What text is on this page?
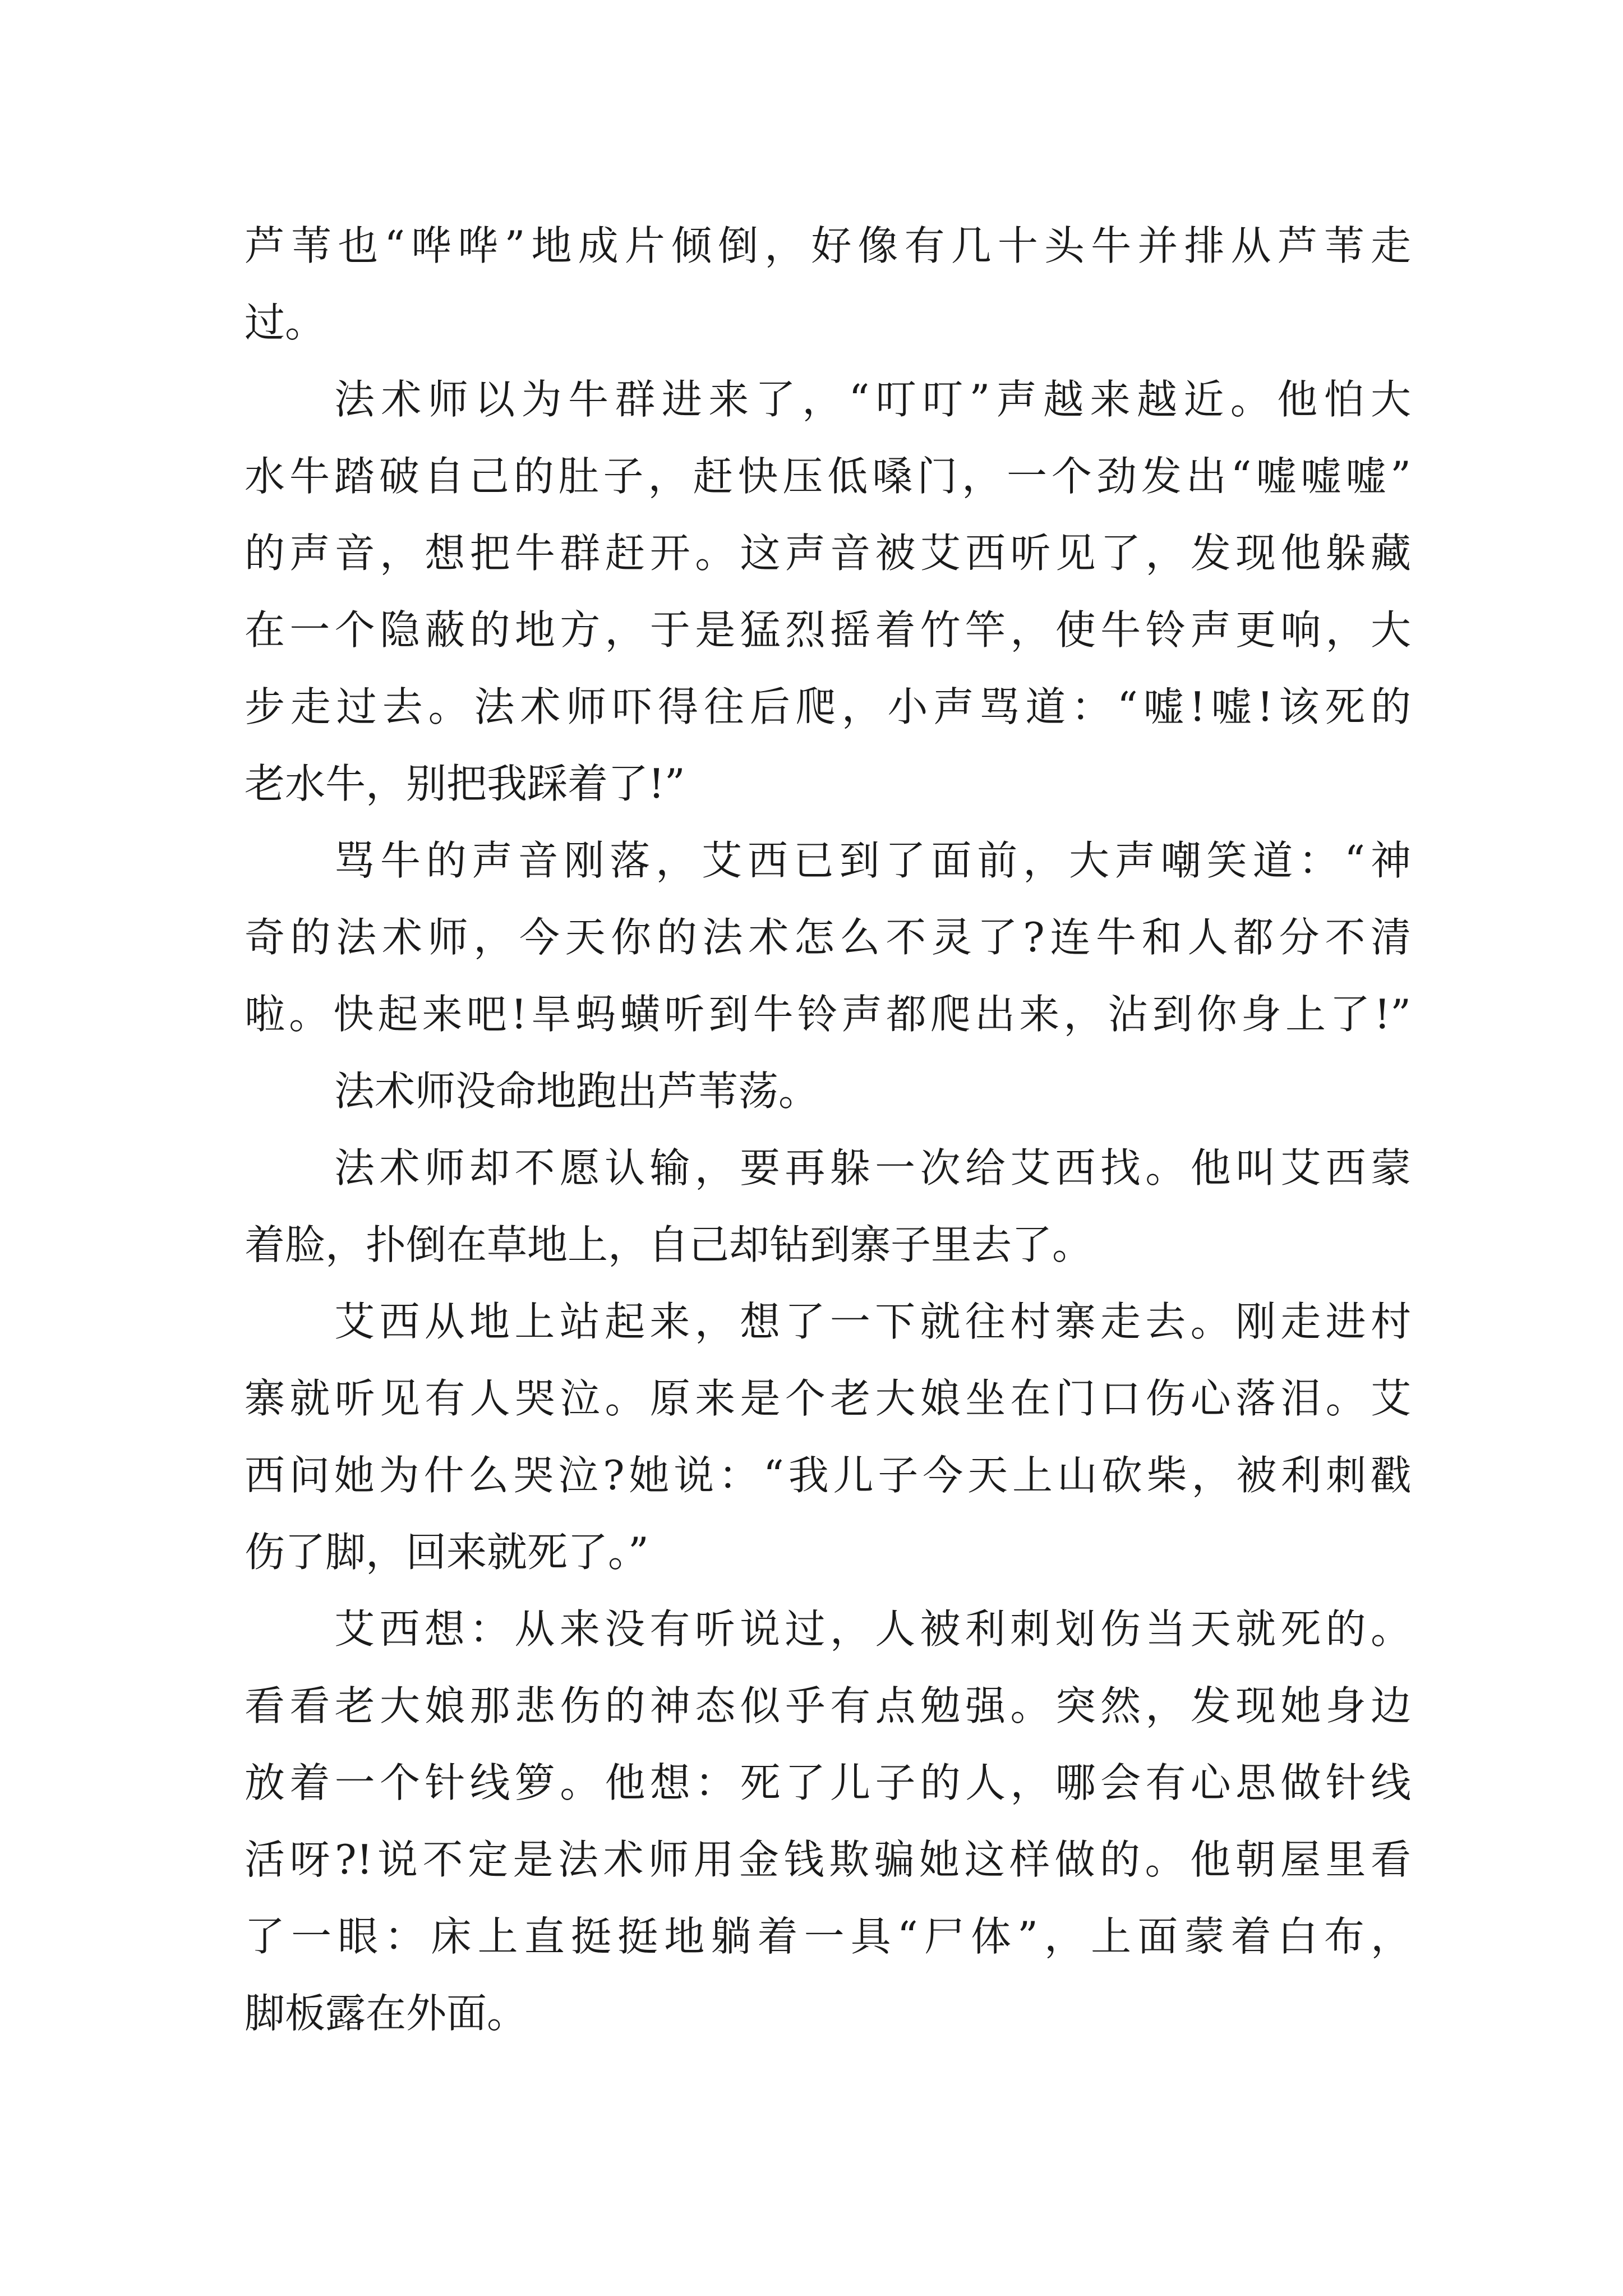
芦苇也“哗哗”地成片倾倒，好像有几十头牛并排从芦苇走
过。
法术师以为牛群进来了，“叮叮”声越来越近。他怕大
水牛踏破自己的肚子，赶快压低嗓门，一个劲发出“嘘嘘嘘”
的声音，想把牛群赶开。这声音被艾西听见了，发现他躲藏
在一个隐蔽的地方，于是猛烈摇着竹竿，使牛铃声更响，大
步走过去。法术师吓得往后爬，小声骂道：“嘘!嘘!该死的
老水牛，别把我踩着了!”
骂牛的声音刚落，艾西已到了面前，大声嘲笑道：“神
奇的法术师，今天你的法术怎么不灵了?连牛和人都分不清
啦。快起来吧!旱蚂蟥听到牛铃声都爬出来，沾到你身上了!”
法术师没命地跑出芦苇荡。
法术师却不愿认输，要再躲一次给艾西找。他叫艾西蒙
着脸，扑倒在草地上，自己却钻到寨子里去了。
艾西从地上站起来，想了一下就往村寨走去。刚走进村
寨就听见有人哭泣。原来是个老大娘坐在门口伤心落泪。艾
西问她为什么哭泣?她说：“我儿子今天上山砍柴，被利刺戳
伤了脚，回来就死了。”
艾西想：从来没有听说过，人被利刺划伤当天就死的。
看看老大娘那悲伤的神态似乎有点勉强。突然，发现她身边
放着一个针线箩。他想：死了儿子的人，哪会有心思做针线
活呀?!说不定是法术师用金钱欺骗她这样做的。他朝屋里看
了一眼：床上直挺挺地躺着一具“尸体”，上面蒙着白布，
脚板露在外面。
